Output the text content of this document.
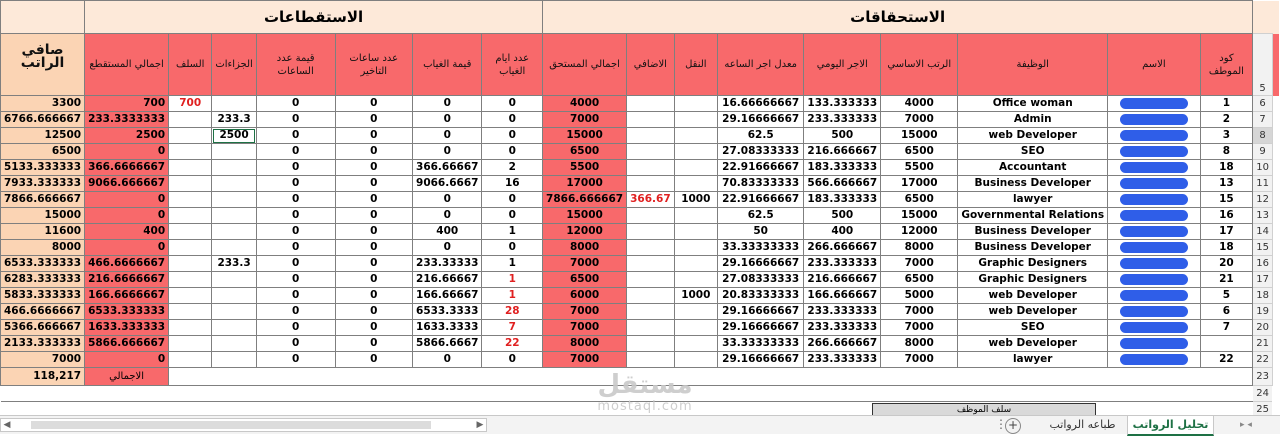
	الاستقطاعات							الاستحقاقات										
صافي الراتب	اجمالي المستقطع	السلف	الجزاءات	قيمة عدد الساعات	عدد ساعات التاخير	قيمة الغياب	عدد ايام الغياب	اجمالي المستحق	الاضافي	النقل	معدل اجر الساعه	الاجر اليومي	الرتب الاساسي	الوظيفة	الاسم	كود الموطف	5	
3300	700	700		0	0	0	0	4000			16.66666667	133.333333	4000	Office woman		1	6	
6766.666667	233.3333333		233.3	0	0	0	0	7000			29.16666667	233.333333	7000	Admin		2	7	
12500	2500		2500	0	0	0	0	15000			62.5	500	15000	web Developer		3	8	
6500	0			0	0	0	0	6500			27.08333333	216.666667	6500	SEO		8	9	
5133.333333	366.6666667			0	0	366.66667	2	5500			22.91666667	183.333333	5500	Accountant		18	10	
7933.333333	9066.666667			0	0	9066.6667	16	17000			70.83333333	566.666667	17000	Business Developer		13	11	
7866.666667	0			0	0	0	0	7866.666667	366.67	1000	22.91666667	183.333333	6500	lawyer		15	12	
15000	0			0	0	0	0	15000			62.5	500	15000	Governmental Relations		16	13	
11600	400			0	0	400	1	12000			50	400	12000	Business Developer		17	14	
8000	0			0	0	0	0	8000			33.33333333	266.666667	8000	Business Developer		18	15	
6533.333333	466.6666667		233.3	0	0	233.33333	1	7000			29.16666667	233.333333	7000	Graphic Designers		20	16	
6283.333333	216.6666667			0	0	216.66667	1	6500			27.08333333	216.666667	6500	Graphic Designers		21	17	
5833.333333	166.6666667			0	0	166.66667	1	6000		1000	20.83333333	166.666667	5000	web Developer		5	18	
466.6666667	6533.333333			0	0	6533.3333	28	7000			29.16666667	233.333333	7000	web Developer		6	19	
5366.666667	1633.333333			0	0	1633.3333	7	7000			29.16666667	233.333333	7000	SEO		7	20	
2133.333333	5866.666667			0	0	5866.6667	22	8000			33.33333333	266.666667	8000	web Developer			21	
7000	0			0	0	0	0	7000			29.16666667	233.333333	7000	lawyer		22	22	
118,217	الاجمالي																23	
																	24	
																	25	
مستقل
mostaql.com	سلف الموظف
◀	▶	⋮ +	طباعه الرواتب	تحليل الرواتب	▸ ◂
